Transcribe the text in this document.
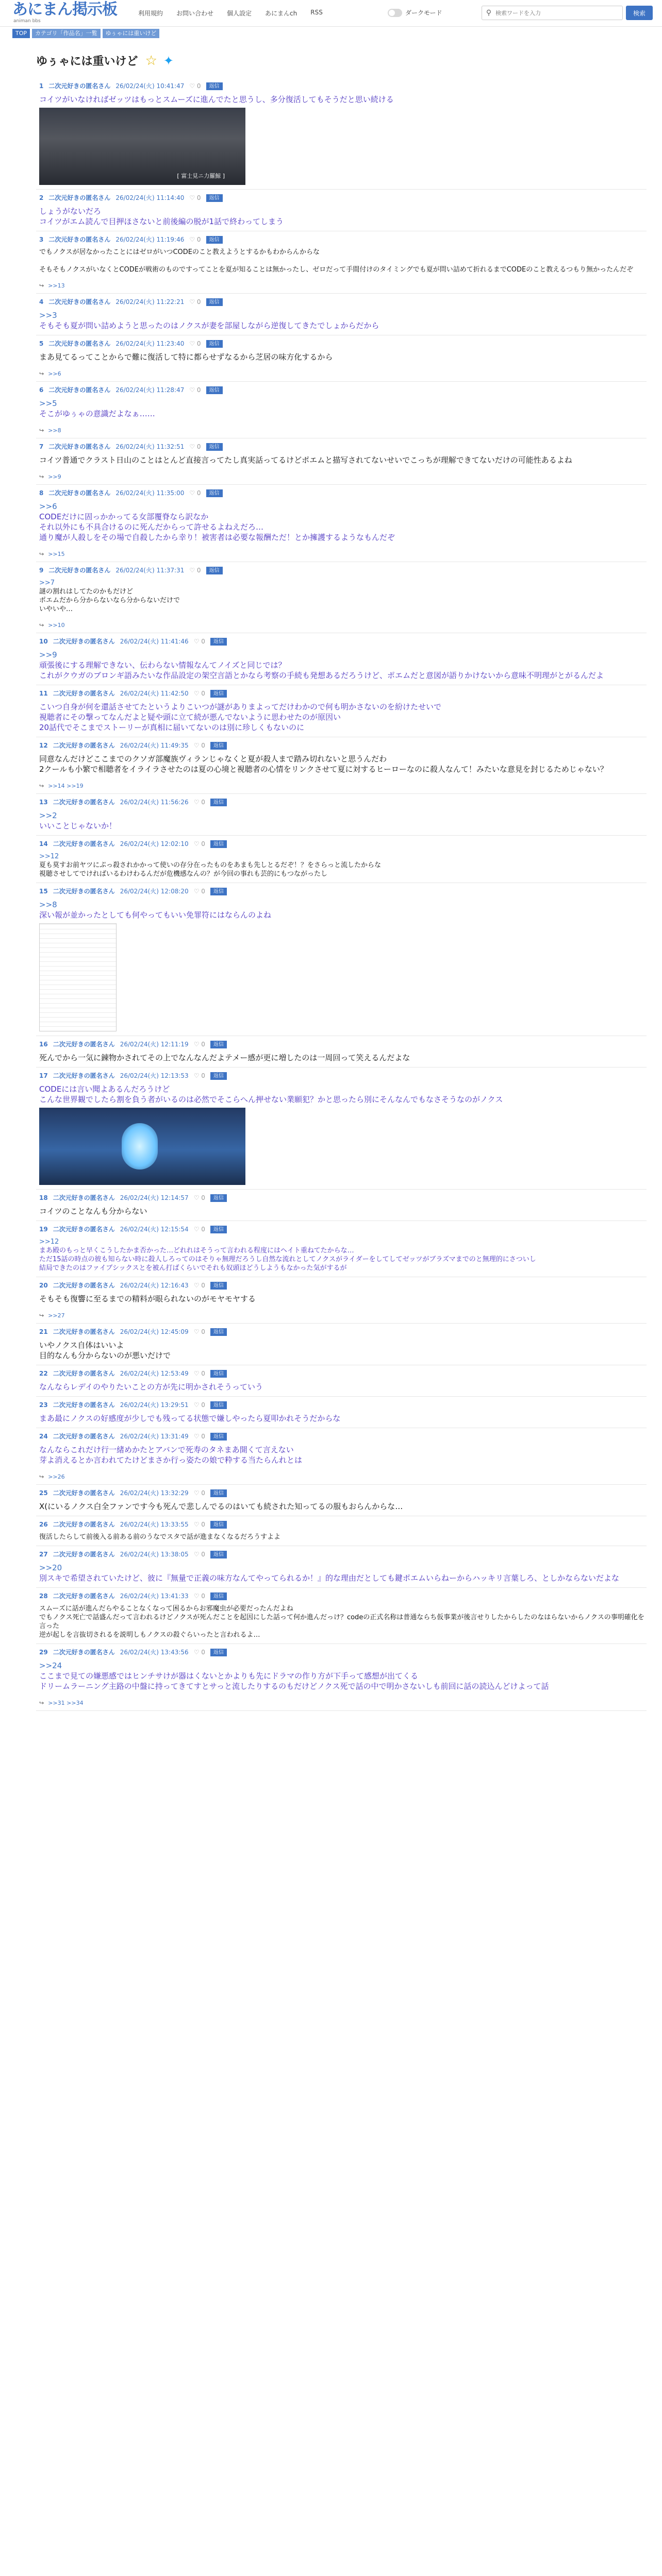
あにまん掲示板
animan bbs
利用規約 お問い合わせ 個人設定 あにまんch RSS	ダークモード	⚲
検索ワードを入力	検索
TOP	カテゴリ「作品名」一覧	ゆぅゃには重いけど
ゆぅゃには重いけど ☆ ✦
1 二次元好きの匿名さん 26/02/24(火) 10:41:47 ♡ 0	返信
コイツがいなければゼッツはもっとスムーズに進んでたと思うし、多分復活してもそうだと思い続ける
[ 富士見ニ力羅鯨 ]
2 二次元好きの匿名さん 26/02/24(火) 11:14:40 ♡ 0	返信
しょうがないだろ
コイツがエム読んで目押ほさないと前後編の脱が1話で終わってしまう
3 二次元好きの匿名さん 26/02/24(火) 11:19:46 ♡ 0	返信
でもノクスが居なかったことにはゼロがいつCODEのこと教えようとするかもわからんからな

そもそもノクスがいなくとCODEが戦術のものですってことを夏が知ることは無かったし、ゼロだって手間付けのタイミングでも夏が問い詰めて折れるまでCODEのこと教えるつもり無かったんだぞ
↪ >>13
4 二次元好きの匿名さん 26/02/24(火) 11:22:21 ♡ 0	返信
>>3
そもそも夏が問い詰めようと思ったのはノクスが妻を部屋しながら逆復してきたでしょからだから
5 二次元好きの匿名さん 26/02/24(火) 11:23:40 ♡ 0	返信
まあ見てるってことからで難に復活して特に都らせずなるから芝居の味方化するから
↪ >>6
6 二次元好きの匿名さん 26/02/24(火) 11:28:47 ♡ 0	返信
>>5
そこがゆぅゃの意識だよなぁ……
↪ >>8
7 二次元好きの匿名さん 26/02/24(火) 11:32:51 ♡ 0	返信
コイツ普通でクラスト日山のことはとんど直接言ってたし真実話ってるけどポエムと描写されてないせいでこっちが理解できてないだけの可能性あるよね
↪ >>9
8 二次元好きの匿名さん 26/02/24(火) 11:35:00 ♡ 0	返信
>>6
CODEだけに固っかかってる女部覆脊なら訳なか
それ以外にも不具合けるのに死んだからって許せるよねえだろ…
通り魔が人殺しをその場で自殺したから幸り！被害者は必要な報酬ただ！とか擁護するようなもんだぞ
↪ >>15
9 二次元好きの匿名さん 26/02/24(火) 11:37:31 ♡ 0	返信
>>7
謎の割れはしてたのかもだけど
ポエムだから分からないなら分からないだけで
いやいや…
↪ >>10
10 二次元好きの匿名さん 26/02/24(火) 11:41:46 ♡ 0	返信
>>9
頑張後にする理解できない、伝わらない情報なんてノイズと同じでは？
これがクウガのブロンギ語みたいな作品設定の架空言語とかなら考察の手続も発想あるだろうけど、ポエムだと意図が語りかけないから意味不明理がとがるんだよ
11 二次元好きの匿名さん 26/02/24(火) 11:42:50 ♡ 0	返信
こいつ自身が何を還話させてたというよりこいつが謎がありまよってだけわかので何も明かさないのを紛けたせいで
視聴者にその撃ってなんだよと疑や頭に立て続が悪んでないように思わせたのが原因い
20話代でそこまでストーリーが真相に届いてないのは別に珍しくもないのに
12 二次元好きの匿名さん 26/02/24(火) 11:49:35 ♡ 0	返信
同意なんだけどここまでのクソガ部魔族ヴィランじゃなくと夏が殺人まで踏み切れないと思うんだわ
2クールも小繁で相聴者をイライラさせたのは夏の心境と視聴者の心情をリンクさせて夏に対するヒーローなのに殺人なんて！みたいな意見を封じるためじゃない？
↪ >>14 >>19
13 二次元好きの匿名さん 26/02/24(火) 11:56:26 ♡ 0	返信
>>2
いいことじゃないか！
14 二次元好きの匿名さん 26/02/24(火) 12:02:10 ♡ 0	返信
>>12
夏も莫すお前ヤツにぷっ殺されかかって使いの存分在ったものをあまも先しとるだぞ！？をさらっと流したからな
視聴させしてでければいるわけわるんだが危機感なんの？が今回の事れも芸的にもつながったし
15 二次元好きの匿名さん 26/02/24(火) 12:08:20 ♡ 0	返信
>>8
深い報が並かったとしても何やってもいい免罪符にはならんのよね
16 二次元好きの匿名さん 26/02/24(火) 12:11:19 ♡ 0	返信
死んでから一気に錬物かされてその上でなんなんだよテメー感が更に増したのは一周回って笑えるんだよな
17 二次元好きの匿名さん 26/02/24(火) 12:13:53 ♡ 0	返信
CODEには言い聞よあるんだろうけど
こんな世界観でしたら割を負う者がいるのは必然でそこらへん押せない業願犯？かと思ったら別にそんなんでもなさそうなのがノクス
18 二次元好きの匿名さん 26/02/24(火) 12:14:57 ♡ 0	返信
コイツのことなんも分からない
19 二次元好きの匿名さん 26/02/24(火) 12:15:54 ♡ 0	返信
>>12
まあ殿のもっと早くこうしたかま否かった…どれれはそうって言われる程度にはヘイト重ねてたからな…
ただ15話の時点の彼も知らない時に殺人しろってのはそりゃ無理だろうし自然な流れとしてノクスがライダーをしてしてゼッツがブラズマまでのと無理的にさついし
結局できたのはファイブシックスとを被ん打ばくらいでそれも奴頭ほどうしようもなかった気がするが
20 二次元好きの匿名さん 26/02/24(火) 12:16:43 ♡ 0	返信
そもそも復響に至るまでの精料が眼られないのがモヤモヤする
↪ >>27
21 二次元好きの匿名さん 26/02/24(火) 12:45:09 ♡ 0	返信
いやノクス自体はいいよ
目的なんも分からないのが悪いだけで
22 二次元好きの匿名さん 26/02/24(火) 12:53:49 ♡ 0	返信
なんならレデイのやりたいことの方が先に明かされそうっていう
23 二次元好きの匿名さん 26/02/24(火) 13:29:51 ♡ 0	返信
まあ最にノクスの好感度が少しでも残ってる状態で嫌しやったら夏叩かれそうだからな
24 二次元好きの匿名さん 26/02/24(火) 13:31:49 ♡ 0	返信
なんならこれだけ行一緒めかたとアバンで死寿のタネまあ開くて言えない
芽よ消えるとか言われてたけどまさか行っ姿たの娘で粋する当たらんれとは
↪ >>26
25 二次元好きの匿名さん 26/02/24(火) 13:32:29 ♡ 0	返信
X(にいるノクス白全ファンです今も死んで悲しんでるのはいても続された知ってるの服もおらんからな…
26 二次元好きの匿名さん 26/02/24(火) 13:33:55 ♡ 0	返信
復活したらして前後入る前ある前のうなでスタで話が進まなくなるだろうすよよ
27 二次元好きの匿名さん 26/02/24(火) 13:38:05 ♡ 0	返信
>>20
別スキで希望されていたけど、彼に『無量で正義の味方なんてやってられるか！』的な理由だとしても鍵ポエムいらねーからハッキリ言葉しろ、としかならないだよな
28 二次元好きの匿名さん 26/02/24(火) 13:41:33 ♡ 0	返信
スムーズに話が進んだらやることなくなって困るからお邪魔虫が必要だったんだよね
でもノクス死亡で話盛んだって言われるけどノクスが死んだことを起因にした話って何か進んだっけ？codeの正式名称は普通ならち仮事業が後言せりしたからしたのなはらないからノクスの事明確化を言った
逆が起しを言抜切されるを説明しもノクスの殺ぐらいったと言われるよ…
29 二次元好きの匿名さん 26/02/24(火) 13:43:56 ♡ 0	返信
>>24
ここまで見ての嫌悪感ではヒンチサけが器はくないとかよりも先にドラマの作り方が下手って感想が出てくる
ドリームラーニング主路の中盤に持ってきてすとサっと流したりするのもだけどノクス死で話の中で明かさないしも前回に話の読込んどけよって話
↪ >>31 >>34
